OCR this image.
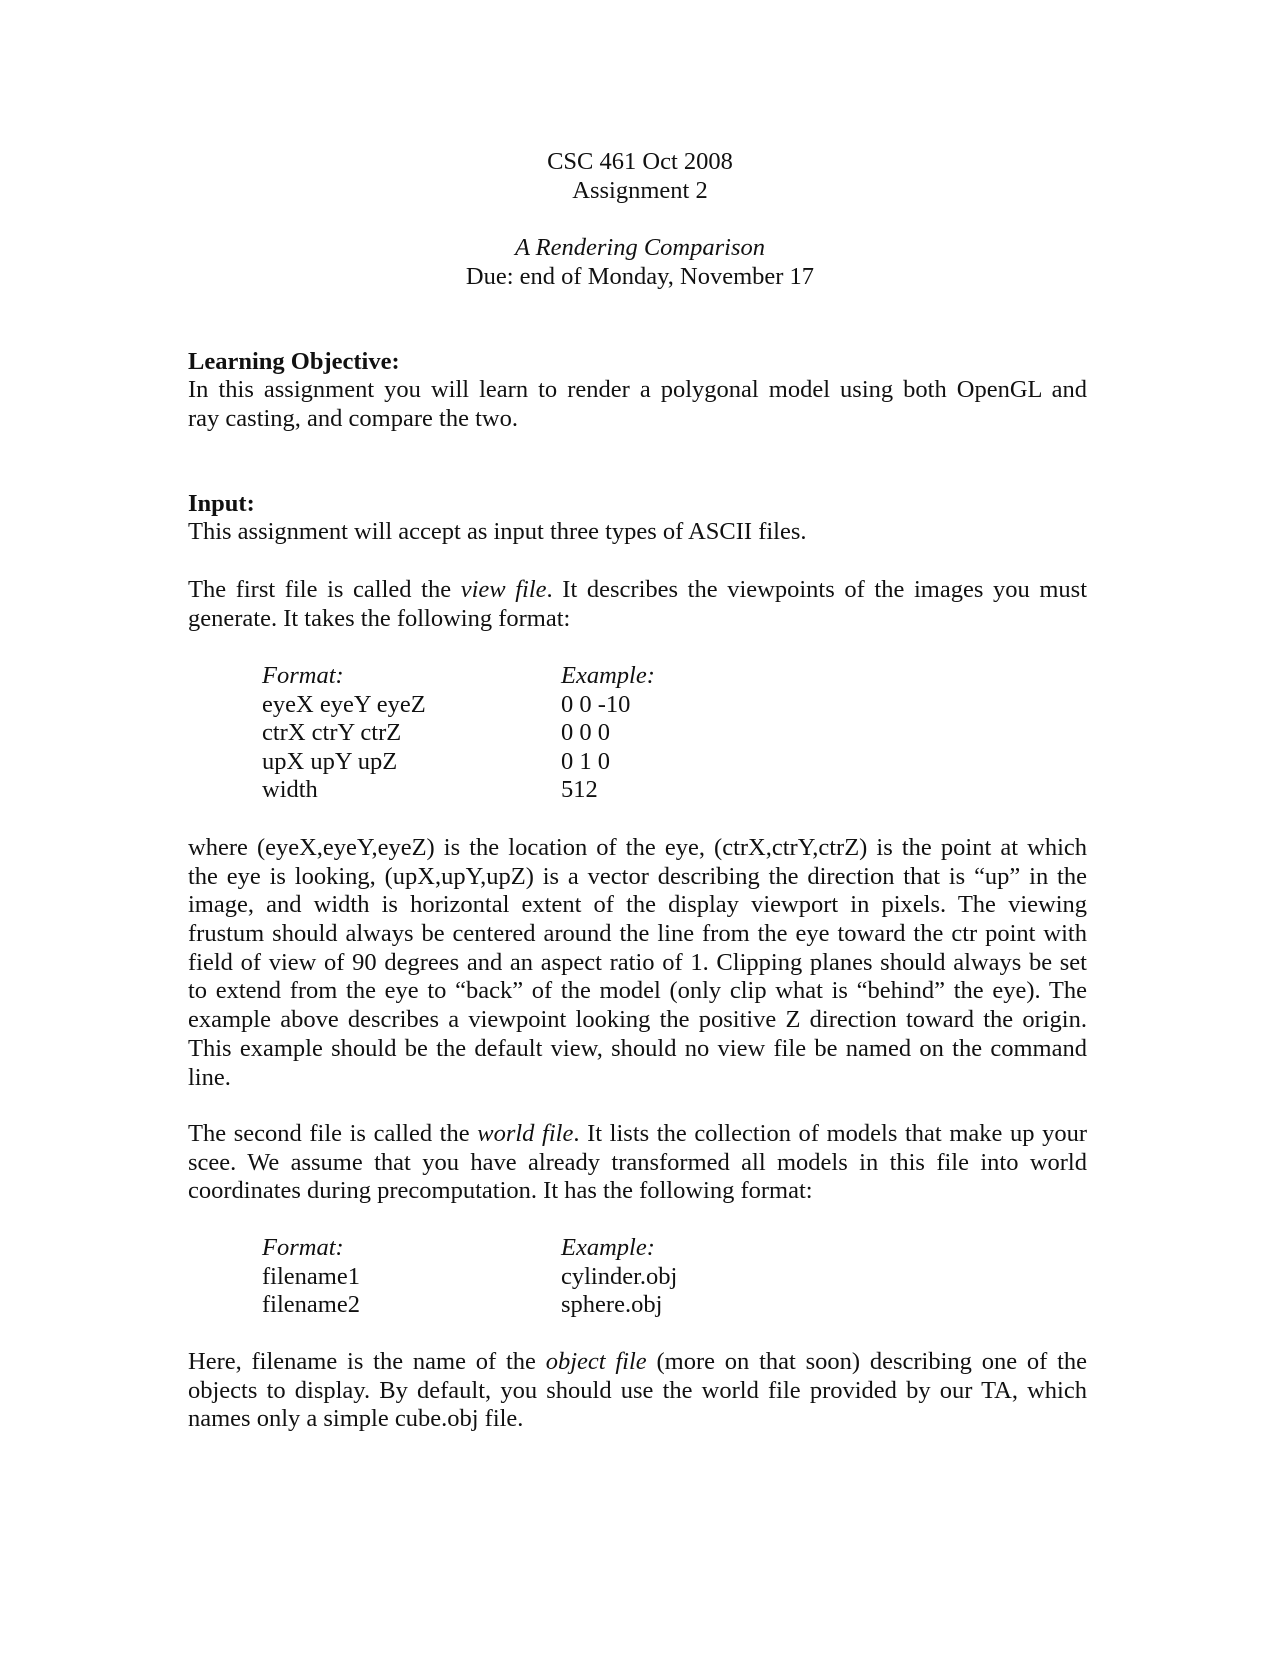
CSC 461 Oct 2008
Assignment 2
A Rendering Comparison
Due: end of Monday, November 17
Learning Objective:
In this assignment you will learn to render a polygonal model using both OpenGL and
ray casting, and compare the two.
Input:
This assignment will accept as input three types of ASCII files.
The first file is called the view file. It describes the viewpoints of the images you must
generate. It takes the following format:
Format:	Example:
eyeX eyeY eyeZ	0 0 -10
ctrX ctrY ctrZ	0 0 0
upX upY upZ	0 1 0
width	512
where (eyeX,eyeY,eyeZ) is the location of the eye, (ctrX,ctrY,ctrZ) is the point at which
the eye is looking, (upX,upY,upZ) is a vector describing the direction that is “up” in the
image, and width is horizontal extent of the display viewport in pixels. The viewing
frustum should always be centered around the line from the eye toward the ctr point with
field of view of 90 degrees and an aspect ratio of 1. Clipping planes should always be set
to extend from the eye to “back” of the model (only clip what is “behind” the eye). The
example above describes a viewpoint looking the positive Z direction toward the origin.
This example should be the default view, should no view file be named on the command
line.
The second file is called the world file. It lists the collection of models that make up your
scee. We assume that you have already transformed all models in this file into world
coordinates during precomputation. It has the following format:
Format:	Example:
filename1	cylinder.obj
filename2	sphere.obj
Here, filename is the name of the object file (more on that soon) describing one of the
objects to display. By default, you should use the world file provided by our TA, which
names only a simple cube.obj file.
